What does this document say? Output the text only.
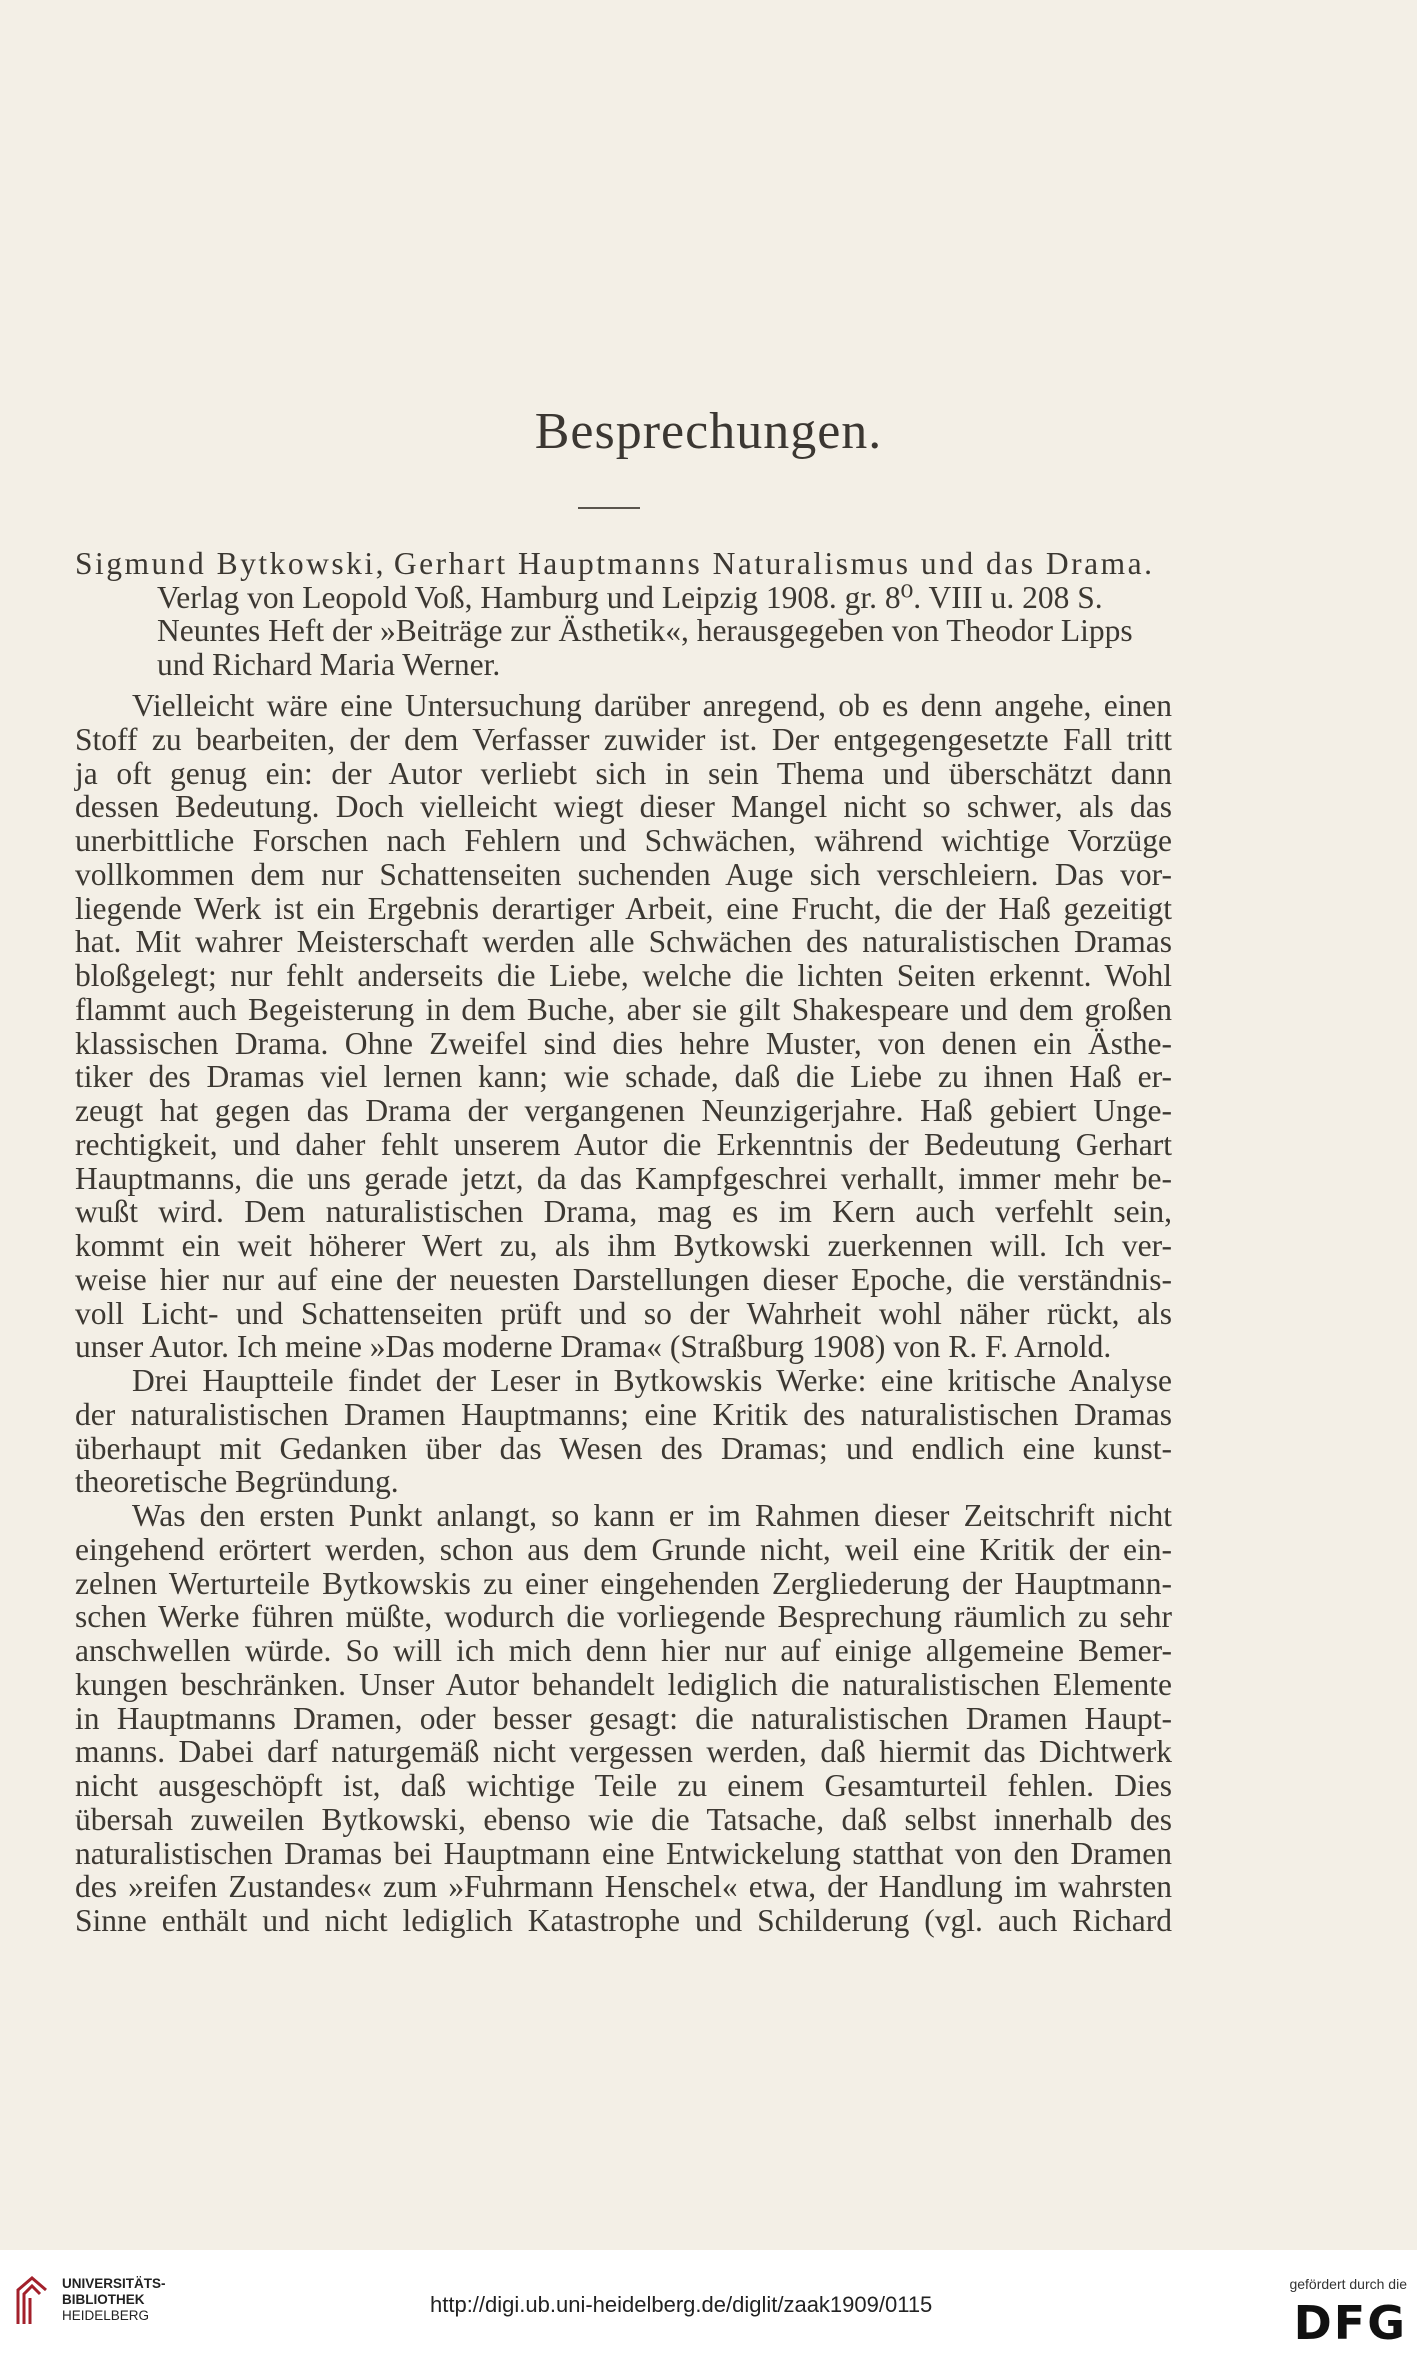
Besprechungen.
Sigmund Bytkowski, Gerhart Hauptmanns Naturalismus und das Drama.
Verlag von Leopold Voß, Hamburg und Leipzig 1908. gr. 8⁰. VIII u. 208 S.
Neuntes Heft der »Beiträge zur Ästhetik«, herausgegeben von Theodor Lipps
und Richard Maria Werner.
Vielleicht wäre eine Untersuchung darüber anregend, ob es denn angehe, einen
Stoff zu bearbeiten, der dem Verfasser zuwider ist. Der entgegengesetzte Fall tritt
ja oft genug ein: der Autor verliebt sich in sein Thema und überschätzt dann
dessen Bedeutung. Doch vielleicht wiegt dieser Mangel nicht so schwer, als das
unerbittliche Forschen nach Fehlern und Schwächen, während wichtige Vorzüge
vollkommen dem nur Schattenseiten suchenden Auge sich verschleiern. Das vor-
liegende Werk ist ein Ergebnis derartiger Arbeit, eine Frucht, die der Haß gezeitigt
hat. Mit wahrer Meisterschaft werden alle Schwächen des naturalistischen Dramas
bloßgelegt; nur fehlt anderseits die Liebe, welche die lichten Seiten erkennt. Wohl
flammt auch Begeisterung in dem Buche, aber sie gilt Shakespeare und dem großen
klassischen Drama. Ohne Zweifel sind dies hehre Muster, von denen ein Ästhe-
tiker des Dramas viel lernen kann; wie schade, daß die Liebe zu ihnen Haß er-
zeugt hat gegen das Drama der vergangenen Neunzigerjahre. Haß gebiert Unge-
rechtigkeit, und daher fehlt unserem Autor die Erkenntnis der Bedeutung Gerhart
Hauptmanns, die uns gerade jetzt, da das Kampfgeschrei verhallt, immer mehr be-
wußt wird. Dem naturalistischen Drama, mag es im Kern auch verfehlt sein,
kommt ein weit höherer Wert zu, als ihm Bytkowski zuerkennen will. Ich ver-
weise hier nur auf eine der neuesten Darstellungen dieser Epoche, die verständnis-
voll Licht- und Schattenseiten prüft und so der Wahrheit wohl näher rückt, als
unser Autor. Ich meine »Das moderne Drama« (Straßburg 1908) von R. F. Arnold.
Drei Hauptteile findet der Leser in Bytkowskis Werke: eine kritische Analyse
der naturalistischen Dramen Hauptmanns; eine Kritik des naturalistischen Dramas
überhaupt mit Gedanken über das Wesen des Dramas; und endlich eine kunst-
theoretische Begründung.
Was den ersten Punkt anlangt, so kann er im Rahmen dieser Zeitschrift nicht
eingehend erörtert werden, schon aus dem Grunde nicht, weil eine Kritik der ein-
zelnen Werturteile Bytkowskis zu einer eingehenden Zergliederung der Hauptmann-
schen Werke führen müßte, wodurch die vorliegende Besprechung räumlich zu sehr
anschwellen würde. So will ich mich denn hier nur auf einige allgemeine Bemer-
kungen beschränken. Unser Autor behandelt lediglich die naturalistischen Elemente
in Hauptmanns Dramen, oder besser gesagt: die naturalistischen Dramen Haupt-
manns. Dabei darf naturgemäß nicht vergessen werden, daß hiermit das Dichtwerk
nicht ausgeschöpft ist, daß wichtige Teile zu einem Gesamturteil fehlen. Dies
übersah zuweilen Bytkowski, ebenso wie die Tatsache, daß selbst innerhalb des
naturalistischen Dramas bei Hauptmann eine Entwickelung statthat von den Dramen
des »reifen Zustandes« zum »Fuhrmann Henschel« etwa, der Handlung im wahrsten
Sinne enthält und nicht lediglich Katastrophe und Schilderung (vgl. auch Richard
UNIVERSITÄTS-
BIBLIOTHEK
HEIDELBERG	http://digi.ub.uni-heidelberg.de/diglit/zaak1909/0115
gefördert durch die
DFG
